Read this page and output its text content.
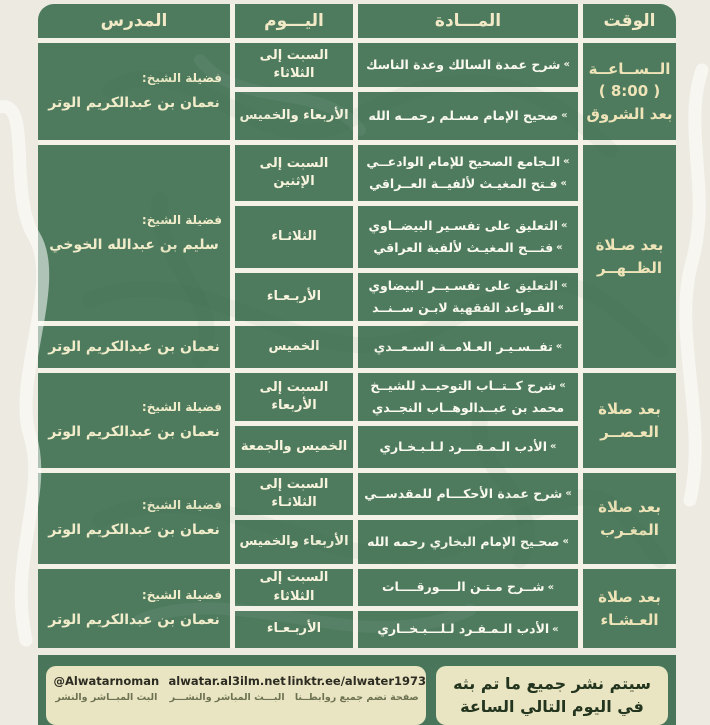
الوقت
المـــادة
اليـــوم
المدرس
الــســاعــة
( 8:00 )
بعد الشروق
بعد صـلاة
الظــهــر
بعد صلاة
العـصــر
بعد صلاة
المغـرب
بعد صلاة
العـشـاء
«
شرح عمدة السالك وعدة الناسك
«
صحيح الإمام مسـلم رحمــه الله
«
الـجامع الصحيح للإمام الوادعــي
«
فـتح المغيـث لألفيــة العــراقي
«
التعليق على تفسـير البيضــاوي
«
فتـــح المغيـث لألفية العراقي
«
التعليق على تفسـيــر البيضاوي
«
القـواعد الفقهية لابـن ســنــد
«
تفــسـيـر العـلامــة السـعــدي
«
شرح كــتــاب التوحيــد للشيــخ
محمد بن عبــدالوهــاب النجــدي
«
الأدب الـمـفـــرد لـلـبـخـاري
«
شرح عمدة الأحكـــام للمقدســي
«
صحـيح الإمام البخاري رحمه الله
«
شــرح مـتـن الــــورقــــات
«
الأدب الـمـفـرد لـلـــبـخــاري
السبت إلى الثلاثاء
الأربعاء والخميس
السبت إلى الإثنين
الثلاثـاء
الأربـعـاء
الخميس
السبت إلى الأربعاء
الخميس والجمعة
السبت إلى الثلاثـاء
الأربعاء والخميس
السبت إلى الثلاثاء
الأربـعـاء
فضيلة الشيخ:
نعمان بن عبدالكريم الوتر
فضيلة الشيخ:
سليم بن عبدالله الخوخي
نعمان بن عبدالكريم الوتر
فضيلة الشيخ:
نعمان بن عبدالكريم الوتر
فضيلة الشيخ:
نعمان بن عبدالكريم الوتر
فضيلة الشيخ:
نعمان بن عبدالكريم الوتر
سيتم نشر جميع ما تم بثه
في اليوم التالي الساعة
linktr.ee/alwater1973
صفحة تضم جميع روابطــنا
alwatar.al3ilm.net
البـــث المباشر والنشـــر
@Alwatarnoman
البث المبــاشر والنشر
